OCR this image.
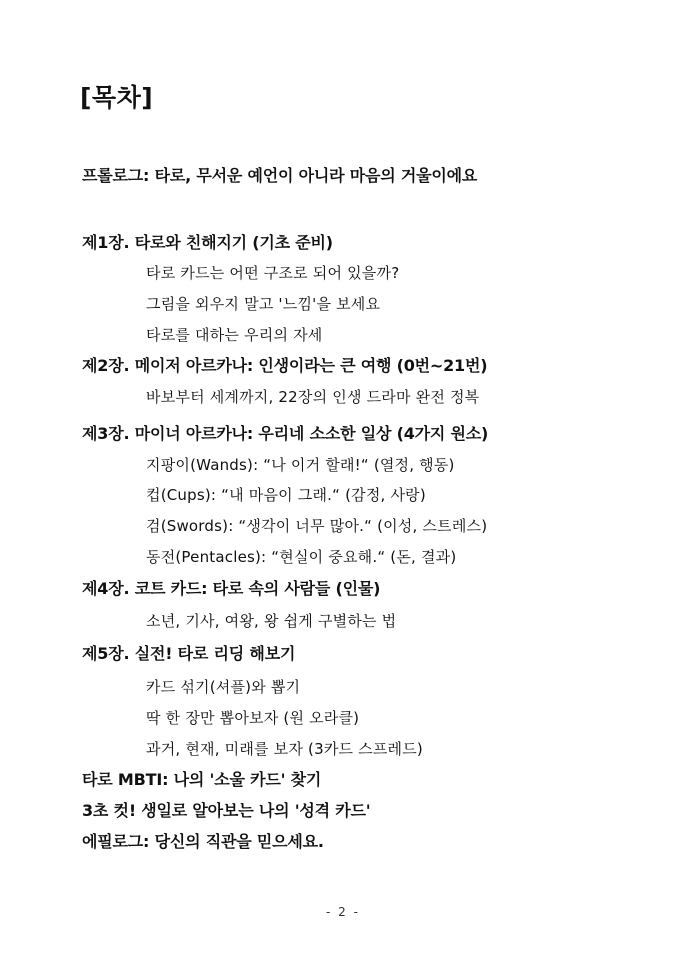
[목차]

프롤로그: 타로, 무서운 예언이 아니라 마음의 거울이에요

제1장. 타로와 친해지기 (기초 준비)

타로 카드는 어떤 구조로 되어 있을까?

그림을 외우지 말고 '느낌'을 보세요

타로를 대하는 우리의 자세

제2장. 메이저 아르카나: 인생이라는 큰 여행 (0번~21번)

바보부터 세계까지, 22장의 인생 드라마 완전 정복

제3장. 마이너 아르카나: 우리네 소소한 일상 (4가지 원소)

지팡이(Wands): “나 이거 할래!“ (열정, 행동)

컵(Cups): “내 마음이 그래.“ (감정, 사랑)

검(Swords): “생각이 너무 많아.“ (이성, 스트레스)

동전(Pentacles): “현실이 중요해.“ (돈, 결과)

제4장. 코트 카드: 타로 속의 사람들 (인물)

소년, 기사, 여왕, 왕 쉽게 구별하는 법

제5장. 실전! 타로 리딩 해보기

카드 섞기(셔플)와 뽑기

딱 한 장만 뽑아보자 (원 오라클)

과거, 현재, 미래를 보자 (3카드 스프레드)

타로 MBTI: 나의 '소울 카드' 찾기

3초 컷! 생일로 알아보는 나의 '성격 카드'

에필로그: 당신의 직관을 믿으세요.

- 2 -
